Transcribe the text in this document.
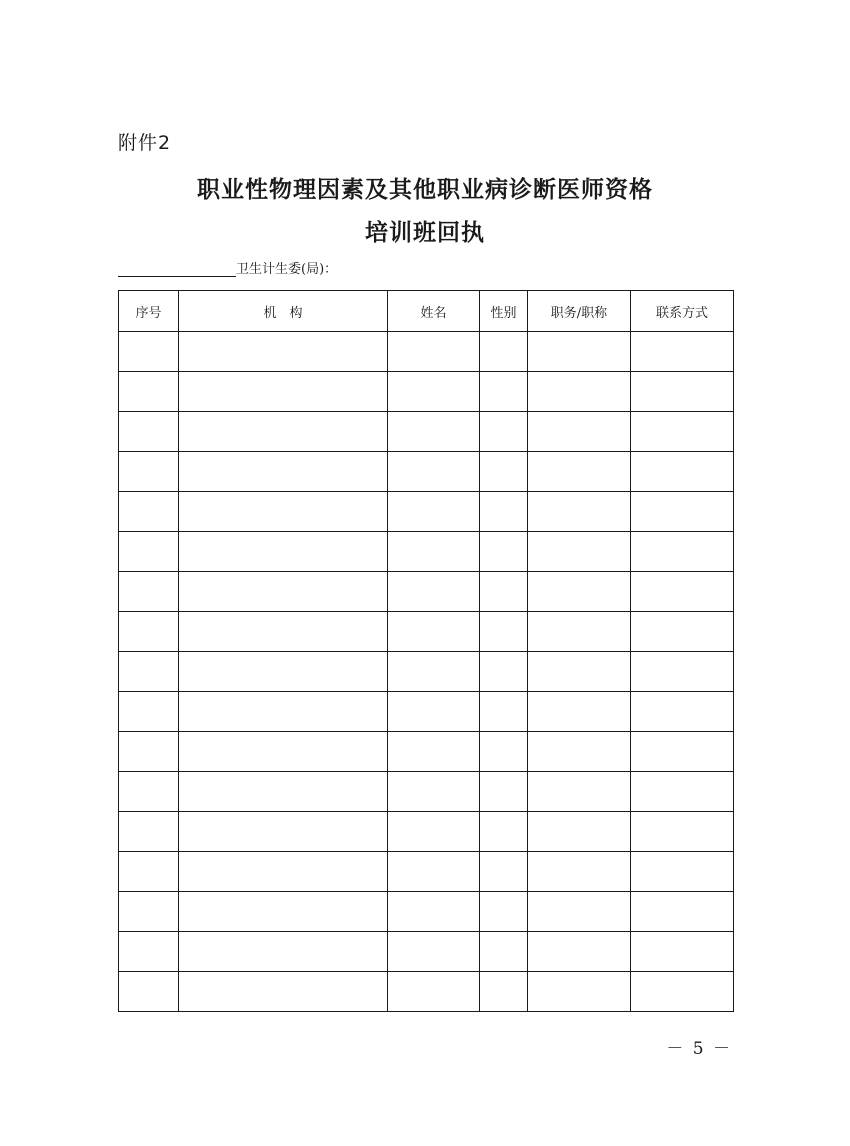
附件2
职业性物理因素及其他职业病诊断医师资格
培训班回执
卫生计生委(局)：
序号	机　构	姓名	性别	职务/职称	联系方式

－ 5 －
